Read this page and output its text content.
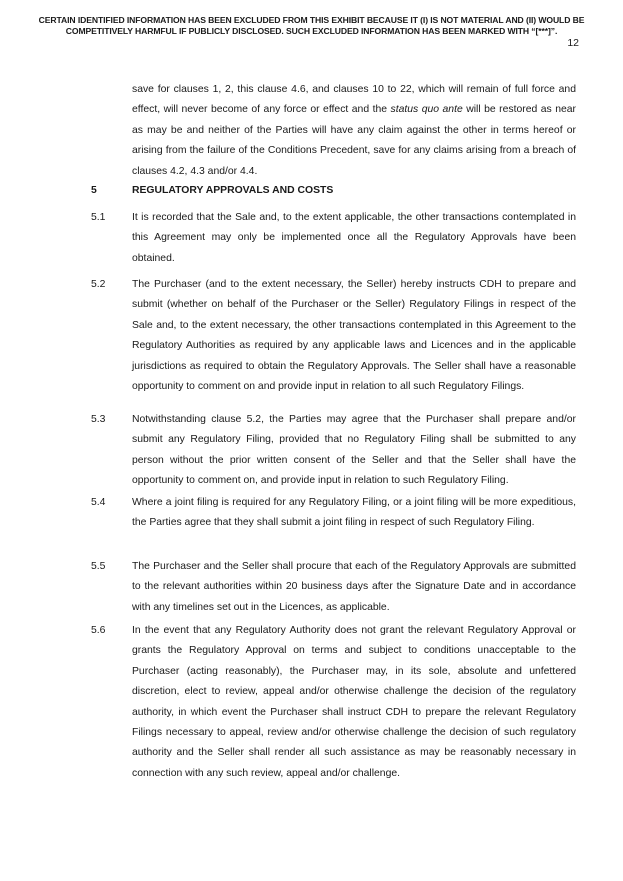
CERTAIN IDENTIFIED INFORMATION HAS BEEN EXCLUDED FROM THIS EXHIBIT BECAUSE IT (I) IS NOT MATERIAL AND (II) WOULD BE COMPETITIVELY HARMFUL IF PUBLICLY DISCLOSED. SUCH EXCLUDED INFORMATION HAS BEEN MARKED WITH “[***]”.
12
save for clauses 1, 2, this clause 4.6, and clauses 10 to 22, which will remain of full force and effect, will never become of any force or effect and the status quo ante will be restored as near as may be and neither of the Parties will have any claim against the other in terms hereof or arising from the failure of the Conditions Precedent, save for any claims arising from a breach of clauses 4.2, 4.3 and/or 4.4.
5	REGULATORY APPROVALS AND COSTS
5.1	It is recorded that the Sale and, to the extent applicable, the other transactions contemplated in this Agreement may only be implemented once all the Regulatory Approvals have been obtained.
5.2	The Purchaser (and to the extent necessary, the Seller) hereby instructs CDH to prepare and submit (whether on behalf of the Purchaser or the Seller) Regulatory Filings in respect of the Sale and, to the extent necessary, the other transactions contemplated in this Agreement to the Regulatory Authorities as required by any applicable laws and Licences and in the applicable jurisdictions as required to obtain the Regulatory Approvals. The Seller shall have a reasonable opportunity to comment on and provide input in relation to all such Regulatory Filings.
5.3	Notwithstanding clause 5.2, the Parties may agree that the Purchaser shall prepare and/or submit any Regulatory Filing, provided that no Regulatory Filing shall be submitted to any person without the prior written consent of the Seller and that the Seller shall have the opportunity to comment on, and provide input in relation to such Regulatory Filing.
5.4	Where a joint filing is required for any Regulatory Filing, or a joint filing will be more expeditious, the Parties agree that they shall submit a joint filing in respect of such Regulatory Filing.
5.5	The Purchaser and the Seller shall procure that each of the Regulatory Approvals are submitted to the relevant authorities within 20 business days after the Signature Date and in accordance with any timelines set out in the Licences, as applicable.
5.6	In the event that any Regulatory Authority does not grant the relevant Regulatory Approval or grants the Regulatory Approval on terms and subject to conditions unacceptable to the Purchaser (acting reasonably), the Purchaser may, in its sole, absolute and unfettered discretion, elect to review, appeal and/or otherwise challenge the decision of the regulatory authority, in which event the Purchaser shall instruct CDH to prepare the relevant Regulatory Filings necessary to appeal, review and/or otherwise challenge the decision of such regulatory authority and the Seller shall render all such assistance as may be reasonably necessary in connection with any such review, appeal and/or challenge.
